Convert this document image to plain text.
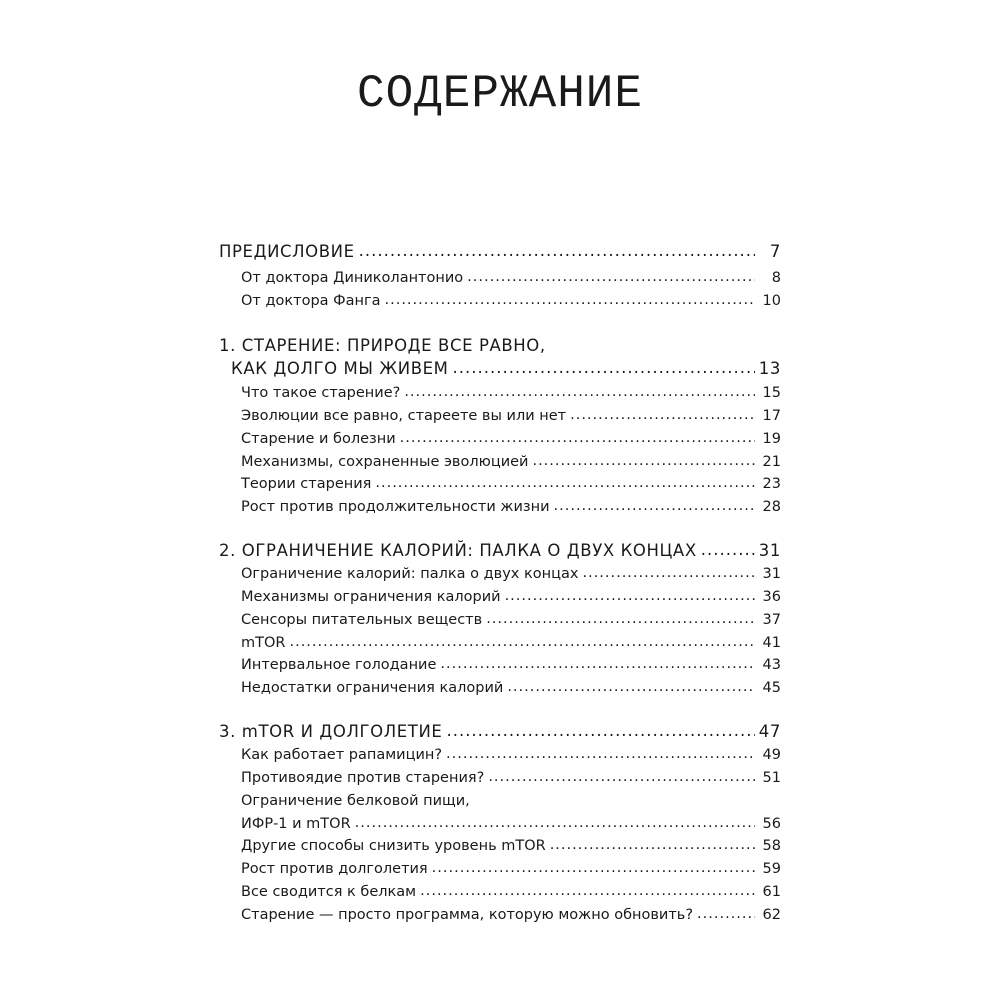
СОДЕРЖАНИЕ
ПРЕДИСЛОВИЕ .....	7
От доктора Диниколантонио .....	8
От доктора Фанга .....	10
1. СТАРЕНИЕ: ПРИРОДЕ ВСЕ РАВНО,
КАК ДОЛГО МЫ ЖИВЕМ .....	13
Что такое старение? .....	15
Эволюции все равно, стареете вы или нет .....	17
Старение и болезни .....	19
Механизмы, сохраненные эволюцией .....	21
Теории старения .....	23
Рост против продолжительности жизни .....	28
2. ОГРАНИЧЕНИЕ КАЛОРИЙ: ПАЛКА О ДВУХ КОНЦАХ .....	31
Ограничение калорий: палка о двух концах .....	31
Механизмы ограничения калорий .....	36
Сенсоры питательных веществ .....	37
mTOR .....	41
Интервальное голодание .....	43
Недостатки ограничения калорий .....	45
3. mTOR И ДОЛГОЛЕТИЕ .....	47
Как работает рапамицин? .....	49
Противоядие против старения? .....	51
Ограничение белковой пищи,
ИФР-1 и mTOR .....	56
Другие способы снизить уровень mTOR .....	58
Рост против долголетия .....	59
Все сводится к белкам .....	61
Старение — просто программа, которую можно обновить? .....	62
